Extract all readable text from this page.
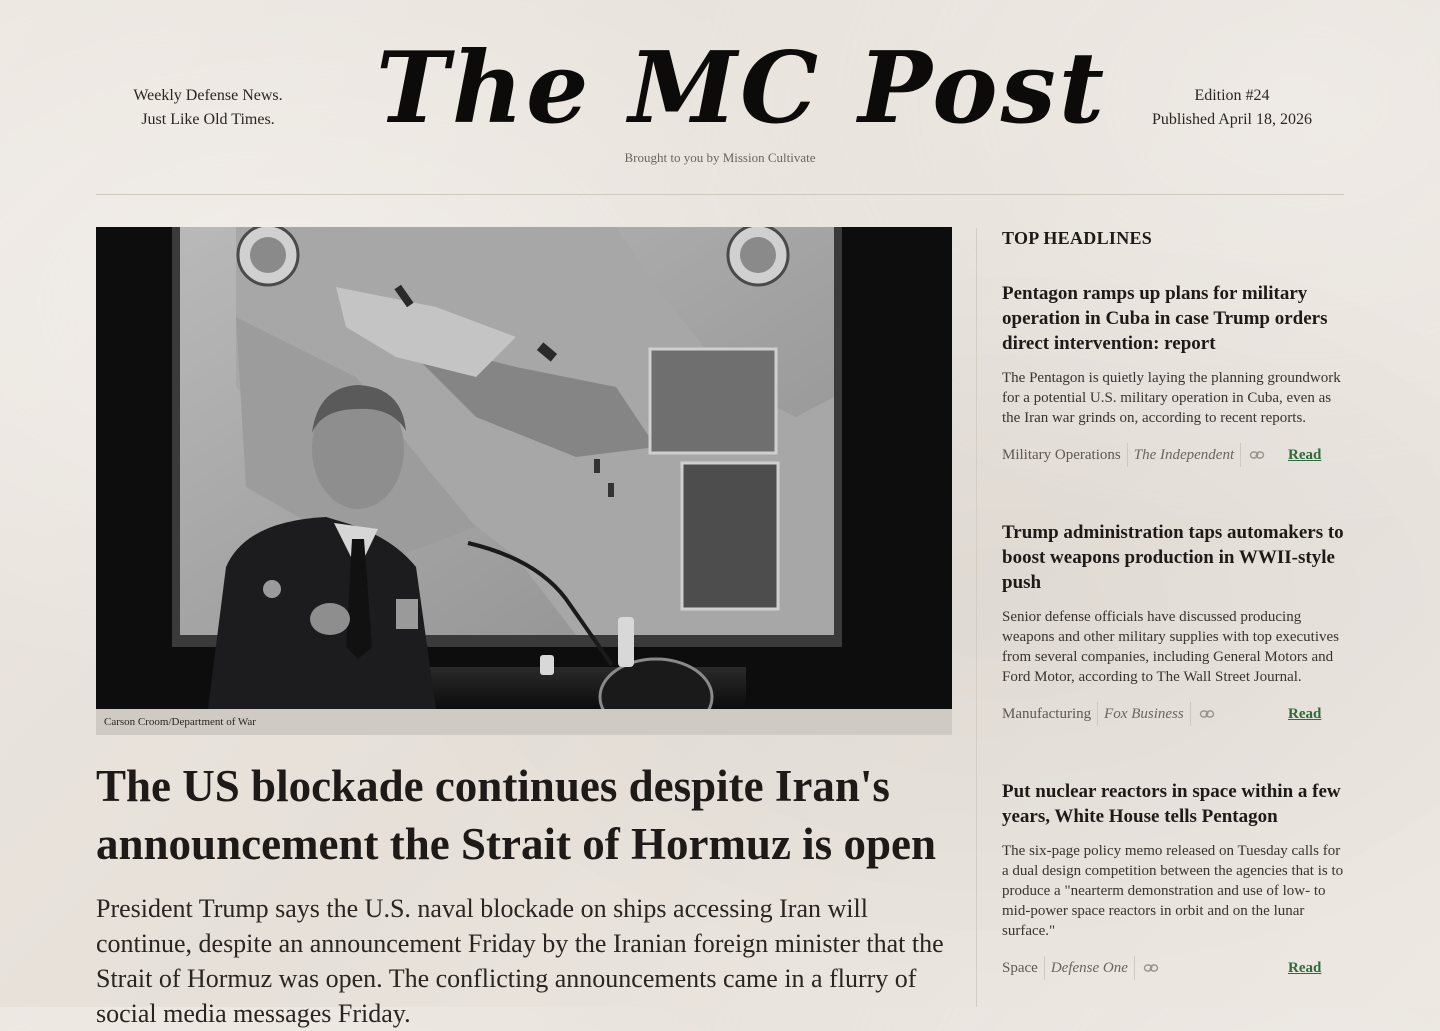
Weekly Defense News.
Just Like Old Times.	The MC Post
Brought to you by Mission Cultivate
Edition #24
Published April 18, 2026
Carson Croom/Department of War
The US blockade continues despite Iran's announcement the Strait of Hormuz is open

President Trump says the U.S. naval blockade on ships accessing Iran will continue, despite an announcement Friday by the Iranian foreign minister that the Strait of Hormuz was open. The conflicting announcements came in a flurry of social media messages Friday.

TOP HEADLINES
Pentagon ramps up plans for military operation in Cuba in case Trump orders direct intervention: report

The Pentagon is quietly laying the planning groundwork for a potential U.S. military operation in Cuba, even as the Iran war grinds on, according to recent reports.

Military Operations The Independent	Read
Trump administration taps automakers to boost weapons production in WWII-style push

Senior defense officials have discussed producing weapons and other military supplies with top executives from several companies, including General Motors and Ford Motor, according to The Wall Street Journal.

Manufacturing Fox Business	Read
Put nuclear reactors in space within a few years, White House tells Pentagon

The six-page policy memo released on Tuesday calls for a dual design competition between the agencies that is to produce a "nearterm demonstration and use of low- to mid-power space reactors in orbit and on the lunar surface."

Space Defense One	Read
